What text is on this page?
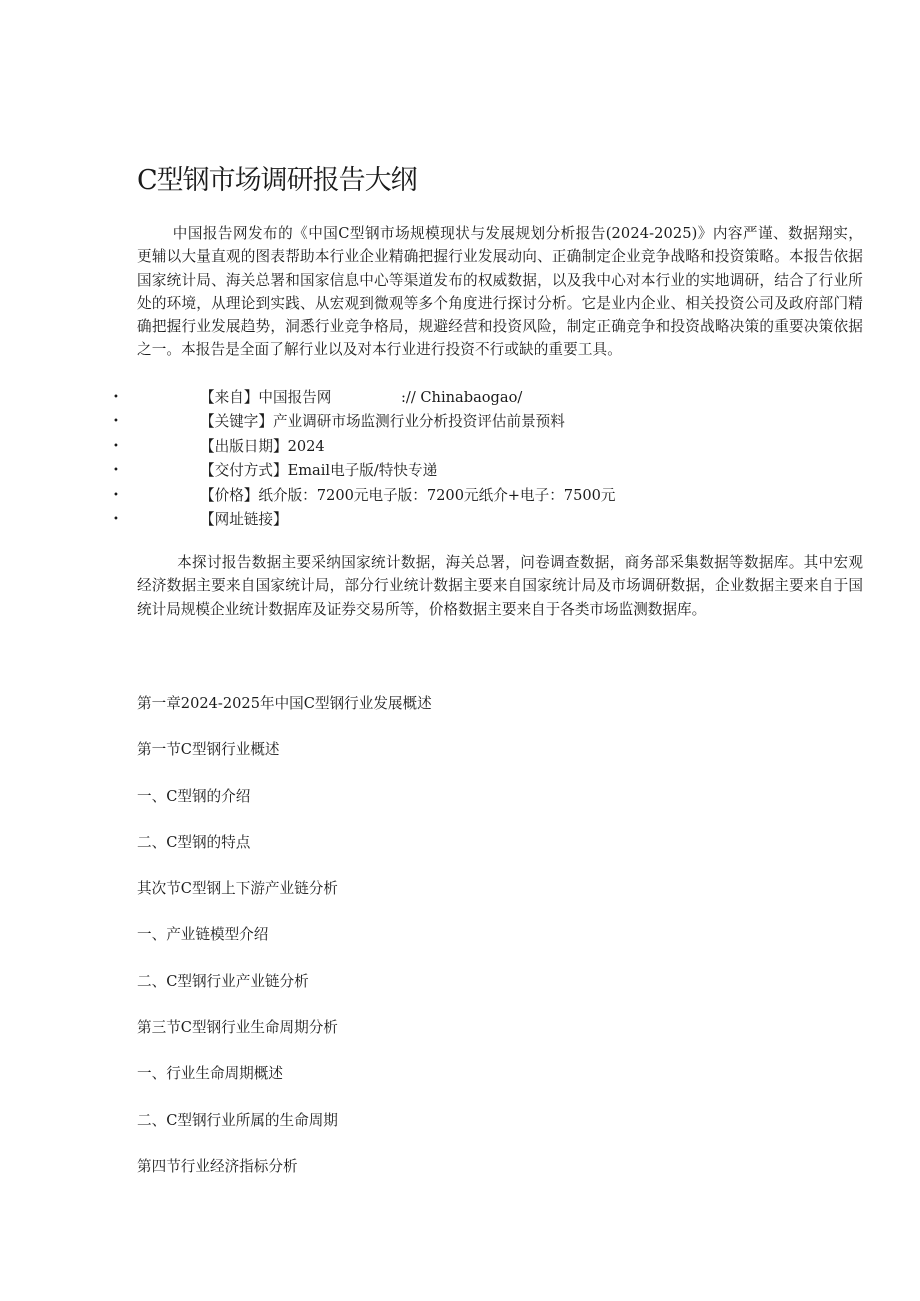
C型钢市场调研报告大纲

中国报告网发布的《中国C型钢市场规模现状与发展规划分析报告(2024-2025)》内容严谨、数据翔实，更辅以大量直观的图表帮助本行业企业精确把握行业发展动向、正确制定企业竞争战略和投资策略。本报告依据国家统计局、海关总署和国家信息中心等渠道发布的权威数据，以及我中心对本行业的实地调研，结合了行业所处的环境，从理论到实践、从宏观到微观等多个角度进行探讨分析。它是业内企业、相关投资公司及政府部门精确把握行业发展趋势，洞悉行业竞争格局，规避经营和投资风险，制定正确竞争和投资战略决策的重要决策依据之一。本报告是全面了解行业以及对本行业进行投资不行或缺的重要工具。

•	【来自】中国报告网	:// Chinabaogao/
•	【关键字】产业调研市场监测行业分析投资评估前景预料
•	【出版日期】2024
•	【交付方式】Email电子版/特快专递
•	【价格】纸介版：7200元电子版：7200元纸介+电子：7500元
•	【网址链接】

本探讨报告数据主要采纳国家统计数据，海关总署，问卷调查数据，商务部采集数据等数据库。其中宏观经济数据主要来自国家统计局，部分行业统计数据主要来自国家统计局及市场调研数据，企业数据主要来自于国统计局规模企业统计数据库及证券交易所等，价格数据主要来自于各类市场监测数据库。

第一章2024-2025年中国C型钢行业发展概述
第一节C型钢行业概述
一、C型钢的介绍
二、C型钢的特点
其次节C型钢上下游产业链分析
一、产业链模型介绍
二、C型钢行业产业链分析
第三节C型钢行业生命周期分析
一、行业生命周期概述
二、C型钢行业所属的生命周期
第四节行业经济指标分析
